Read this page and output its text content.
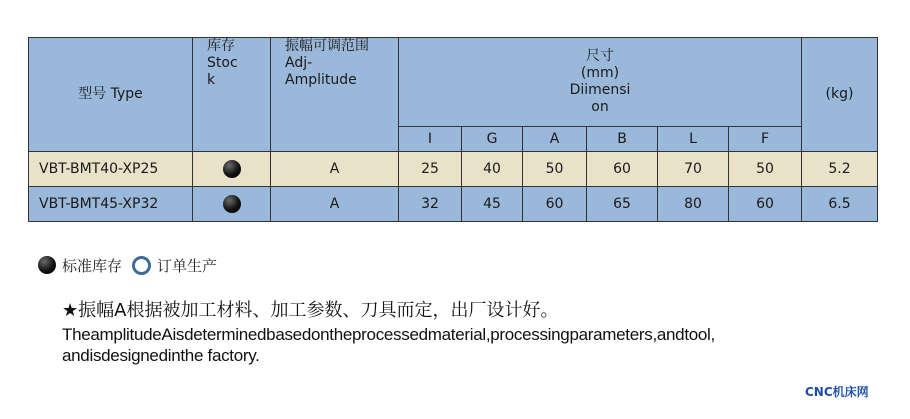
型号 Type	库存
Stoc
k	振幅可调范围
Adj-
Amplitude	尺寸
(mm)
Diimensi
on						(kg)
			I	G	A	B	L	F	
VBT-BMT40-XP25		A	25	40	50	60	70	50	5.2
VBT-BMT45-XP32		A	32	45	60	65	80	60	6.5
标准库存 订单生产
★振幅A根据被加工材料、加工参数、刀具而定，出厂设计好。
TheamplitudeAisdeterminedbasedontheprocessedmaterial,processingparameters,andtool,
andisdesignedinthe factory.
CNC机床网
